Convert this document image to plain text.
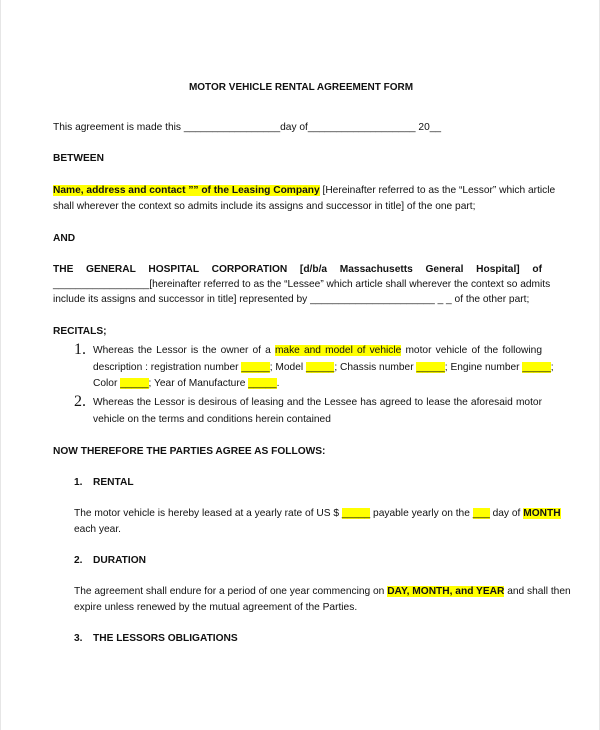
MOTOR VEHICLE RENTAL AGREEMENT FORM
This agreement is made this _________________day of___________________ 20__
BETWEEN
Name, address and contact ”” of the Leasing Company [Hereinafter referred to as the “Lessor” which article
shall wherever the context so admits include its assigns and successor in title] of the one part;
AND
THE GENERAL HOSPITAL CORPORATION [d/b/a Massachusetts General Hospital] of
_________________[hereinafter referred to as the “Lessee” which article shall wherever the context so admits
include its assigns and successor in title] represented by ______________________ _ _ of the other part;
RECITALS;
1. Whereas the Lessor is the owner of a make and model of vehicle motor vehicle of the following
description : registration number _____; Model _____; Chassis number _____; Engine number _____;
Color _____; Year of Manufacture _____.
2. Whereas the Lessor is desirous of leasing and the Lessee has agreed to lease the aforesaid motor
vehicle on the terms and conditions herein contained
NOW THEREFORE THE PARTIES AGREE AS FOLLOWS:
1. RENTAL
The motor vehicle is hereby leased at a yearly rate of US $ _____ payable yearly on the ___ day of MONTH
each year.
2. DURATION
The agreement shall endure for a period of one year commencing on DAY, MONTH, and YEAR and shall then
expire unless renewed by the mutual agreement of the Parties.
3. THE LESSORS OBLIGATIONS
